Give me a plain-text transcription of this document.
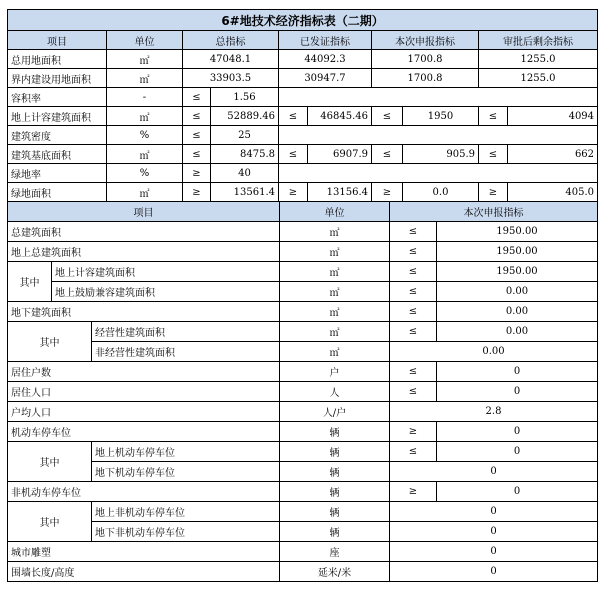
6#地技术经济指标表（二期）									
项目	单位	总指标		已发证指标		本次申报指标		审批后剩余指标	
总用地面积	㎡	47048.1		44092.3		1700.8		1255.0	
界内建设用地面积	㎡	33903.5		30947.7		1700.8		1255.0	
容积率	-	≤	1.56						
地上计容建筑面积	㎡	≤	52889.46	≤	46845.46	≤	1950	≤	4094
建筑密度	%	≤	25						
建筑基底面积	㎡	≤	8475.8	≤	6907.9	≤	905.9	≤	662
绿地率	%	≥	40						
绿地面积	㎡	≥	13561.4	≥	13156.4	≥	0.0	≥	405.0
项目			单位	本次申报指标	
总建筑面积			㎡	≤	1950.00
地上总建筑面积			㎡	≤	1950.00
其中	地上计容建筑面积		㎡	≤	1950.00
	地上鼓励兼容建筑面积		㎡	≤	0.00
地下建筑面积			㎡	≤	0.00
其中		经营性建筑面积	㎡	≤	0.00
		非经营性建筑面积	㎡	0.00	
居住户数			户	≤	0
居住人口			人	≤	0
户均人口			人/户	2.8	
机动车停车位			辆	≥	0
其中		地上机动车停车位	辆	≤	0
		地下机动车停车位	辆	0	
非机动车停车位			辆	≥	0
其中		地上非机动车停车位	辆	0	
		地下非机动车停车位	辆	0	
城市雕塑			座	0	
围墙长度/高度			延米/米	0	
